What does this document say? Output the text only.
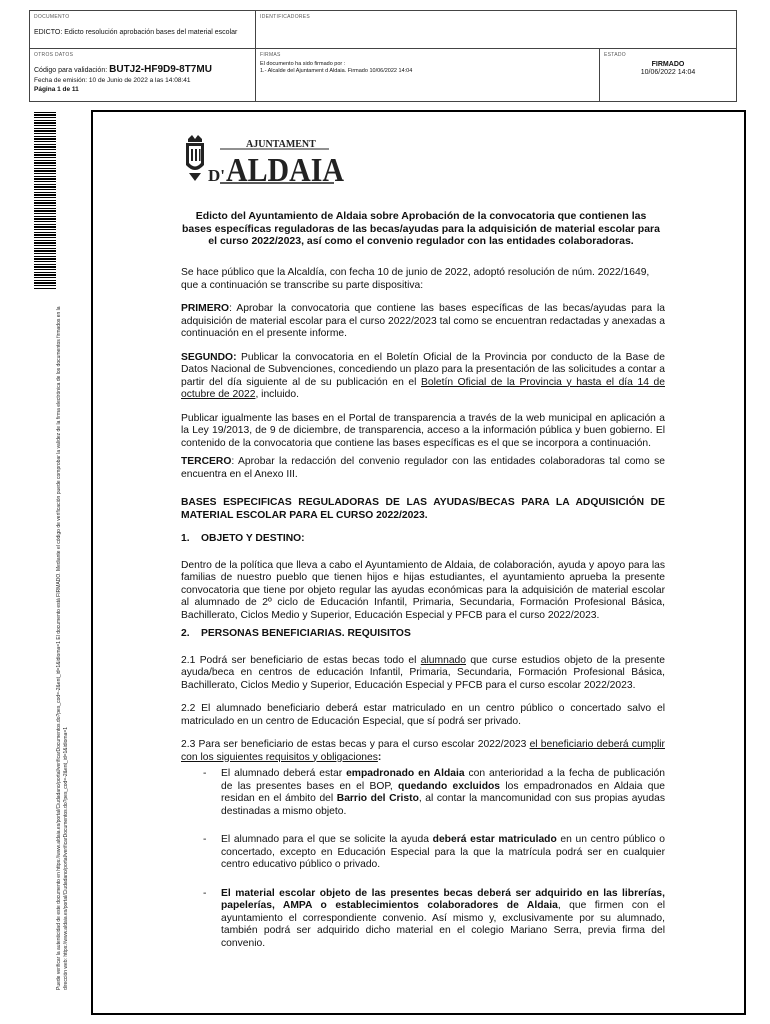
DOCUMENTO
EDICTO: Edicto resolución aprobación bases del material escolar
IDENTIFICADORES
OTROS DATOS
Código para validación: BUTJ2-HF9D9-8T7MU
Fecha de emisión: 10 de Junio de 2022 a las 14:08:41
Página 1 de 11
FIRMAS
El documento ha sido firmado por :
1.- Alcalde del Ajuntament d Aldaia. Firmado 10/06/2022 14:04
ESTADO
FIRMADO
10/06/2022 14:04
Puede verificar la autenticidad de este documento en https://www.aldaia.es/portal/Ciudadano/portal/verificarDocumentos.do?pes_cod=-2&ent_id=1&idioma=1 El documento está FIRMADO. Mediante el código de verificación puede comprobar la validez de la firma electrónica de los documentos firmados en la dirección web: https://www.aldaia.es/portal/Ciudadano/portal/verificarDocumentos.do?pes_cod=-2&ent_id=1&idioma=1
AJUNTAMENT
D' ALDAIA
Edicto del Ayuntamiento de Aldaia sobre Aprobación de la convocatoria que contienen las bases específicas reguladoras de las becas/ayudas para la adquisición de material escolar para el curso 2022/2023, así como el convenio regulador con las entidades colaboradoras.

Se hace público que la Alcaldía, con fecha 10 de junio de 2022, adoptó resolución de núm. 2022/1649, que a continuación se transcribe su parte dispositiva:

PRIMERO: Aprobar la convocatoria que contiene las bases específicas de las becas/ayudas para la adquisición de material escolar para el curso 2022/2023 tal como se encuentran redactadas y anexadas a continuación en el presente informe.

SEGUNDO: Publicar la convocatoria en el Boletín Oficial de la Provincia por conducto de la Base de Datos Nacional de Subvenciones, concediendo un plazo para la presentación de las solicitudes a contar a partir del día siguiente al de su publicación en el Boletín Oficial de la Provincia y hasta el día 14 de octubre de 2022, incluido.

Publicar igualmente las bases en el Portal de transparencia a través de la web municipal en aplicación a la Ley 19/2013, de 9 de diciembre, de transparencia, acceso a la información pública y buen gobierno. El contenido de la convocatoria que contiene las bases específicas es el que se incorpora a continuación.

TERCERO: Aprobar la redacción del convenio regulador con las entidades colaboradoras tal como se encuentra en el Anexo III.

BASES ESPECIFICAS REGULADORAS DE LAS AYUDAS/BECAS PARA LA ADQUISICIÓN DE MATERIAL ESCOLAR PARA EL CURSO 2022/2023.

1.    OBJETO Y DESTINO:

Dentro de la política que lleva a cabo el Ayuntamiento de Aldaia, de colaboración, ayuda y apoyo para las familias de nuestro pueblo que tienen hijos e hijas estudiantes, el ayuntamiento aprueba la presente convocatoria que tiene por objeto regular las ayudas económicas para la adquisición de material escolar al alumnado de 2º ciclo de Educación Infantil, Primaria, Secundaria, Formación Profesional Básica, Bachillerato, Ciclos Medio y Superior, Educación Especial y PFCB para el curso 2022/2023.

2.    PERSONAS BENEFICIARIAS. REQUISITOS

2.1 Podrá ser beneficiario de estas becas todo el alumnado que curse estudios objeto de la presente ayuda/beca en centros de educación Infantil, Primaria, Secundaria, Formación Profesional Básica, Bachillerato, Ciclos Medio y Superior, Educación Especial y PFCB para el curso escolar 2022/2023.

2.2 El alumnado beneficiario deberá estar matriculado en un centro público o concertado salvo el matriculado en un centro de Educación Especial, que sí podrá ser privado.

2.3 Para ser beneficiario de estas becas y para el curso escolar 2022/2023 el beneficiario deberá cumplir con los siguientes requisitos y obligaciones:

-	El alumnado deberá estar empadronado en Aldaia con anterioridad a la fecha de publicación de las presentes bases en el BOP, quedando excluidos los empadronados en Aldaia que residan en el ámbito del Barrio del Cristo, al contar la mancomunidad con sus propias ayudas destinadas a mismo objeto.
-	El alumnado para el que se solicite la ayuda deberá estar matriculado en un centro público o concertado, excepto en Educación Especial para la que la matrícula podrá ser en cualquier centro educativo público o privado.
-	El material escolar objeto de las presentes becas deberá ser adquirido en las librerías, papelerías, AMPA o establecimientos colaboradores de Aldaia, que firmen con el ayuntamiento el correspondiente convenio. Así mismo y, exclusivamente por su alumnado, también podrá ser adquirido dicho material en el colegio Mariano Serra, previa firma del convenio.
